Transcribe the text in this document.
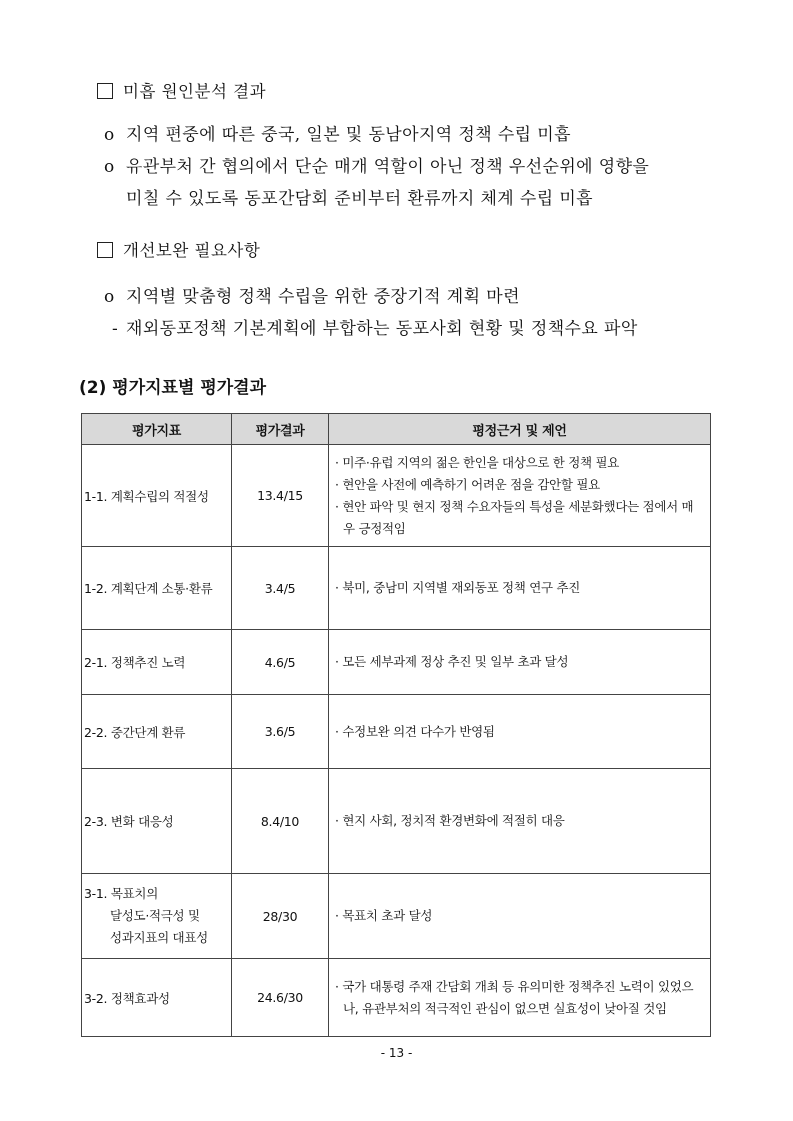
미흡 원인분석 결과
o 지역 편중에 따른 중국, 일본 및 동남아지역 정책 수립 미흡
o 유관부처 간 협의에서 단순 매개 역할이 아닌 정책 우선순위에 영향을
미칠 수 있도록 동포간담회 준비부터 환류까지 체계 수립 미흡
개선보완 필요사항
o 지역별 맞춤형 정책 수립을 위한 중장기적 계획 마련
- 재외동포정책 기본계획에 부합하는 동포사회 현황 및 정책수요 파악
(2) 평가지표별 평가결과
평가지표	평가결과	평정근거 및 제언
1-1. 계획수립의 적절성	13.4/15	· 미주·유럽 지역의 젊은 한인을 대상으로 한 정책 필요
· 현안을 사전에 예측하기 어려운 점을 감안할 필요
· 현안 파악 및 현지 정책 수요자들의 특성을 세분화했다는 점에서 매우 긍정적임

1-2. 계획단계 소통·환류	3.4/5	· 북미, 중남미 지역별 재외동포 정책 연구 추진

2-1. 정책추진 노력	4.6/5	· 모든 세부과제 정상 추진 및 일부 초과 달성

2-2. 중간단계 환류	3.6/5	· 수정보완 의견 다수가 반영됨

2-3. 변화 대응성	8.4/10	· 현지 사회, 정치적 환경변화에 적절히 대응

3-1. 목표치의
달성도·적극성 및
성과지표의 대표성	28/30	· 목표치 초과 달성

3-2. 정책효과성	24.6/30	· 국가 대통령 주재 간담회 개최 등 유의미한 정책추진 노력이 있었으나, 유관부처의 적극적인 관심이 없으면 실효성이 낮아질 것임
- 13 -
